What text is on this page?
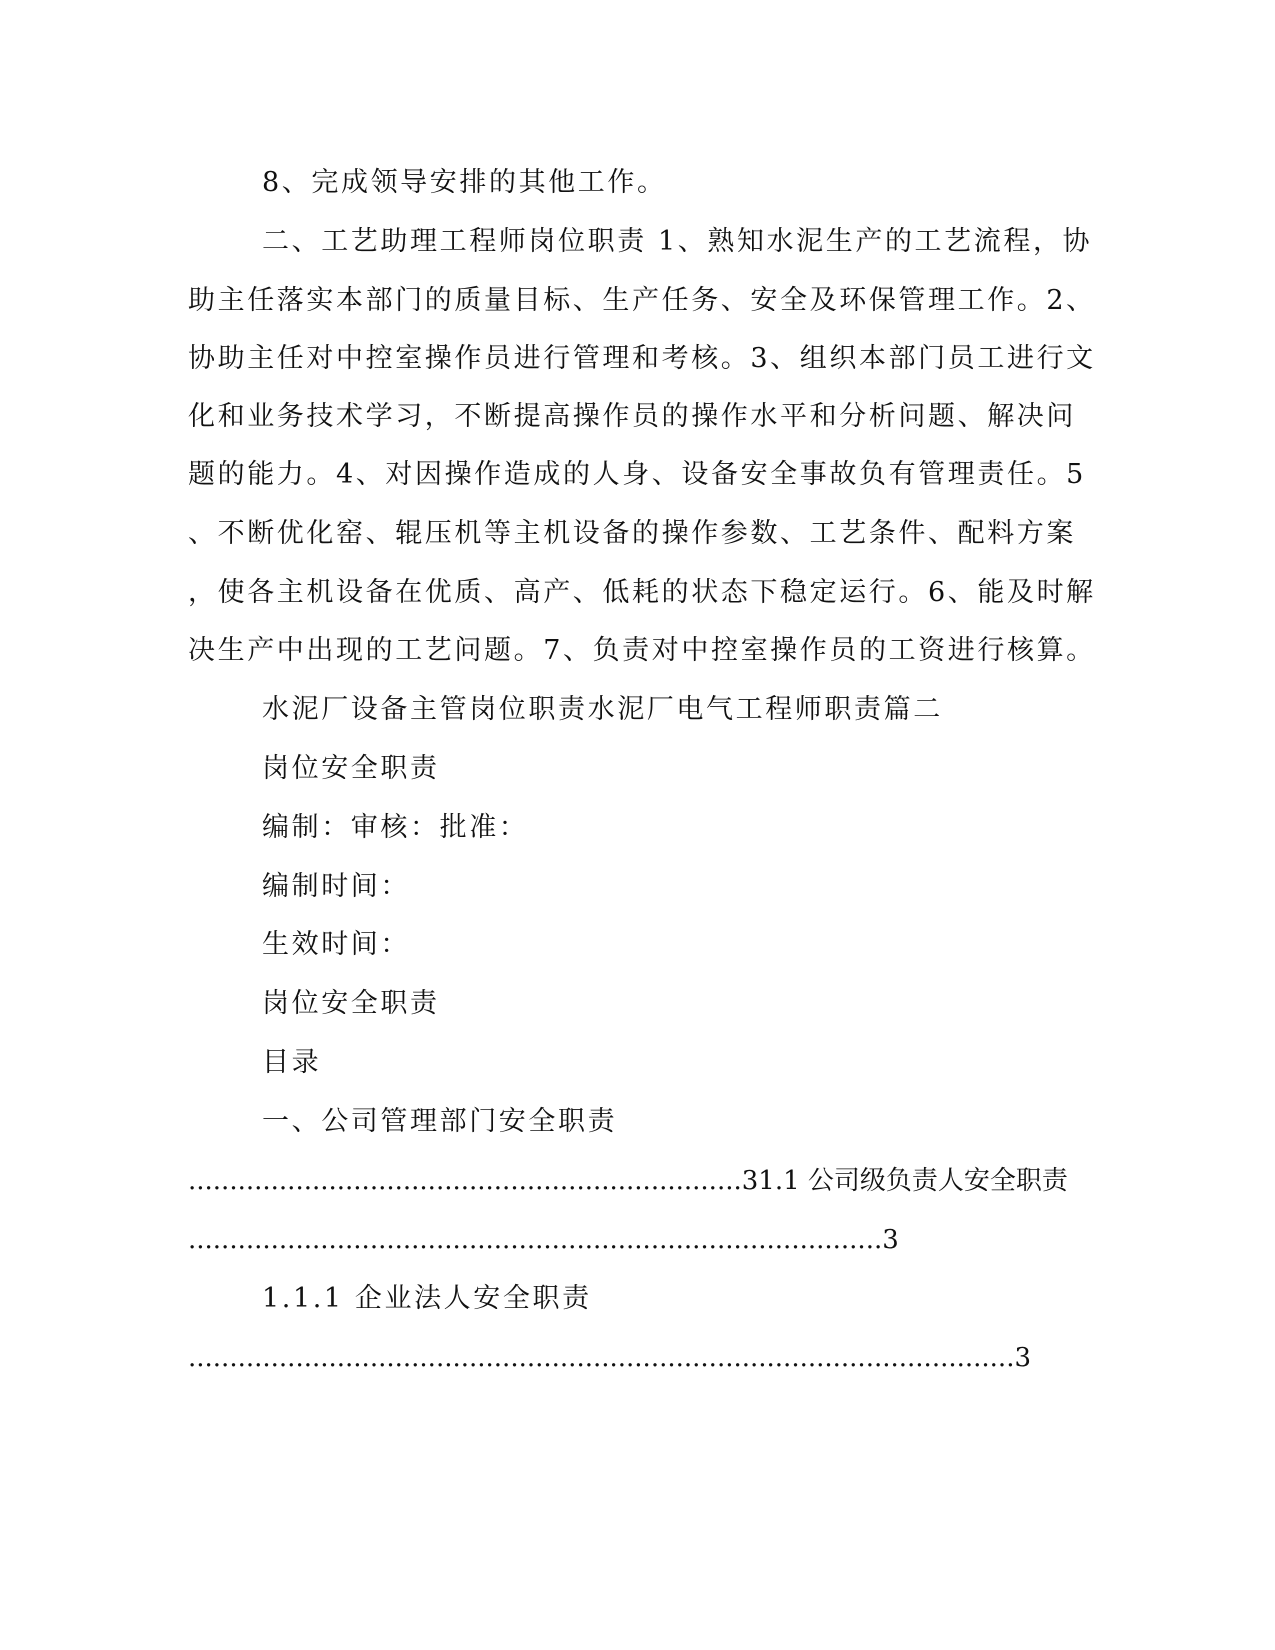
8、完成领导安排的其他工作。
二、工艺助理工程师岗位职责 1、熟知水泥生产的工艺流程，协
助主任落实本部门的质量目标、生产任务、安全及环保管理工作。2、
协助主任对中控室操作员进行管理和考核。3、组织本部门员工进行文
化和业务技术学习，不断提高操作员的操作水平和分析问题、解决问
题的能力。4、对因操作造成的人身、设备安全事故负有管理责任。5
、不断优化窑、辊压机等主机设备的操作参数、工艺条件、配料方案
，使各主机设备在优质、高产、低耗的状态下稳定运行。6、能及时解
决生产中出现的工艺问题。7、负责对中控室操作员的工资进行核算。
水泥厂设备主管岗位职责水泥厂电气工程师职责篇二
岗位安全职责
编制：审核：批准：
编制时间：
生效时间：
岗位安全职责
目录
一、公司管理部门安全职责
...................................................................31.1 公司级负责人安全职责
....................................................................................3
1.1.1 企业法人安全职责
....................................................................................................3
